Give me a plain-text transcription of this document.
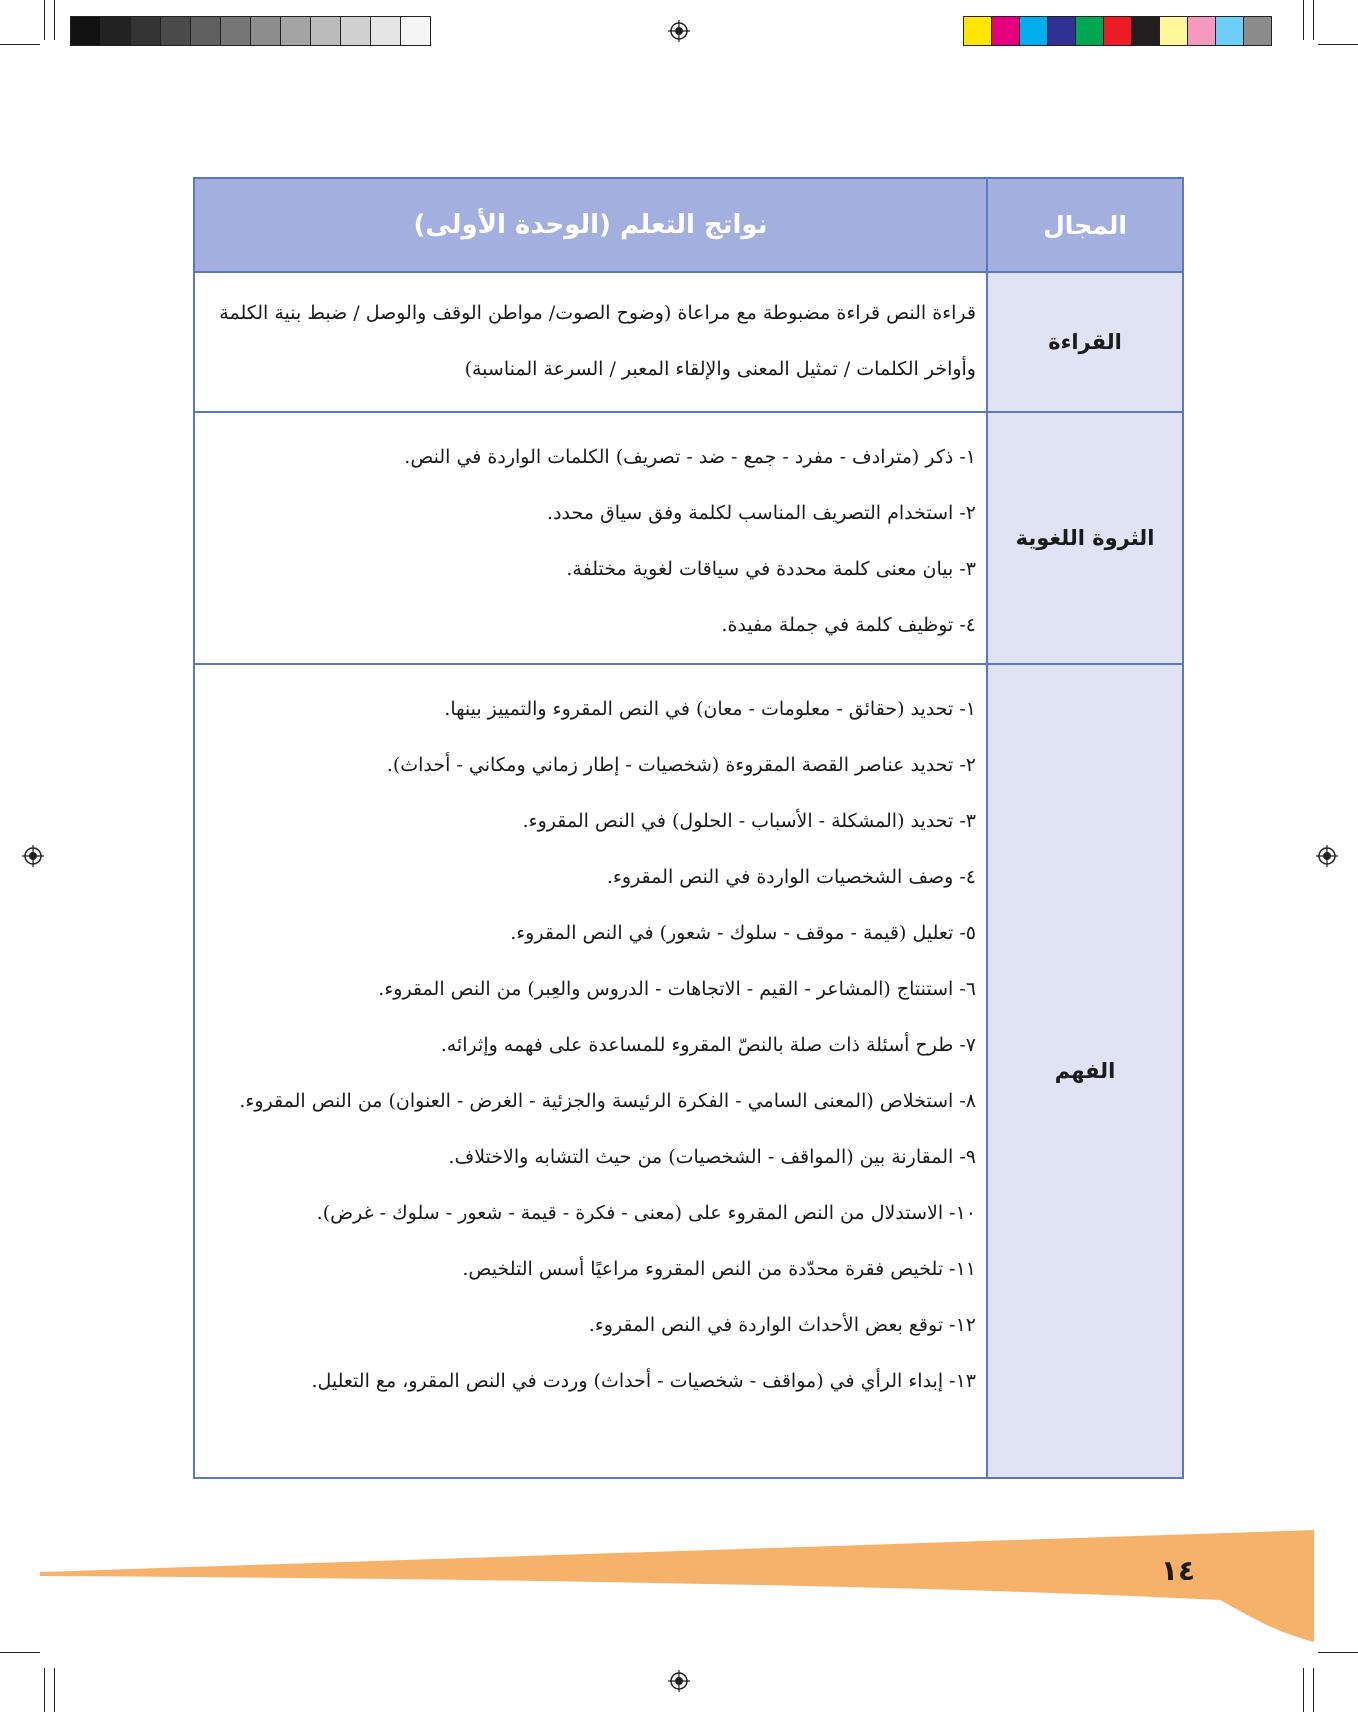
المجال
نواتج التعلم (الوحدة الأولى)
القراءة
قراءة النص قراءة مضبوطة مع مراعاة (وضوح الصوت/ مواطن الوقف والوصل / ضبط بنية الكلمة وأواخر الكلمات / تمثيل المعنى والإلقاء المعبر / السرعة المناسبة)
الثروة اللغوية
١- ذكر (مترادف - مفرد - جمع - ضد - تصريف) الكلمات الواردة في النص.
٢- استخدام التصريف المناسب لكلمة وفق سياق محدد.
٣- بيان معنى كلمة محددة في سياقات لغوية مختلفة.
٤- توظيف كلمة في جملة مفيدة.
الفهم
١- تحديد (حقائق - معلومات - معان) في النص المقروء والتمييز بينها.
٢- تحديد عناصر القصة المقروءة (شخصيات - إطار زماني ومكاني - أحداث).
٣- تحديد (المشكلة - الأسباب - الحلول) في النص المقروء.
٤- وصف الشخصيات الواردة في النص المقروء.
٥- تعليل (قيمة - موقف - سلوك - شعور) في النص المقروء.
٦- استنتاج (المشاعر - القيم - الاتجاهات - الدروس والعِبر) من النص المقروء.
٧- طرح أسئلة ذات صلة بالنصّ المقروء للمساعدة على فهمه وإثرائه.
٨- استخلاص (المعنى السامي - الفكرة الرئيسة والجزئية - الغرض - العنوان) من النص المقروء.
٩- المقارنة بين (المواقف - الشخصيات) من حيث التشابه والاختلاف.
١٠- الاستدلال من النص المقروء على (معنى - فكرة - قيمة - شعور - سلوك - غرض).
١١- تلخيص فقرة محدّدة من النص المقروء مراعيًا أسس التلخيص.
١٢- توقع بعض الأحداث الواردة في النص المقروء.
١٣- إبداء الرأي في (مواقف - شخصيات - أحداث) وردت في النص المقرو، مع التعليل.
١٤
